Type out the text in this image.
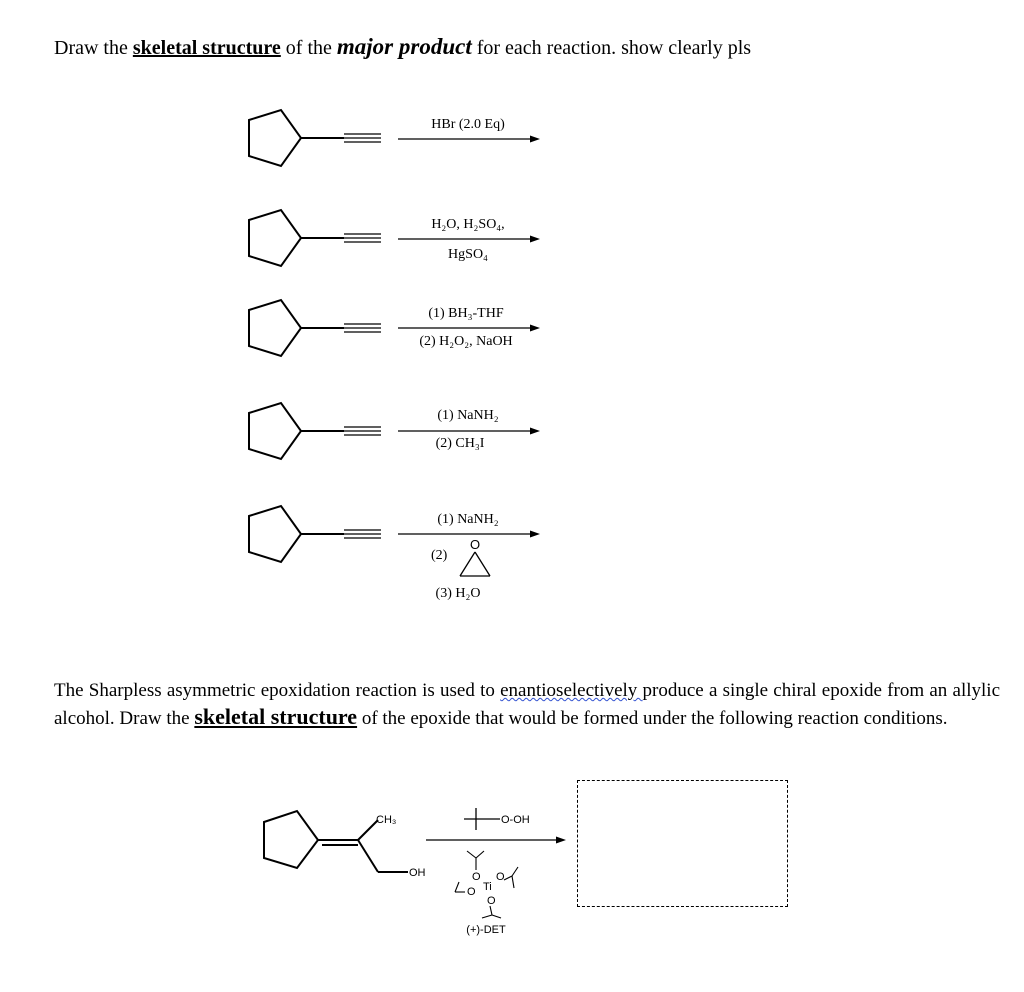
Draw the skeletal structure of the major product for each reaction. show clearly pls
O
CH₃
OH
O-OH
O
Ti
O
O
O
(+)-DET
HBr (2.0 Eq)
H₂O, H₂SO₄,
HgSO₄
(1) BH₃-THF
(2) H₂O₂, NaOH
(1) NaNH₂
(2) CH₃I
(1) NaNH₂
(2)
(3) H₂O
The Sharpless asymmetric epoxidation reaction is used to enantioselectively produce a single chiral epoxide from an allylic alcohol. Draw the skeletal structure of the epoxide that would be formed under the following reaction conditions.
